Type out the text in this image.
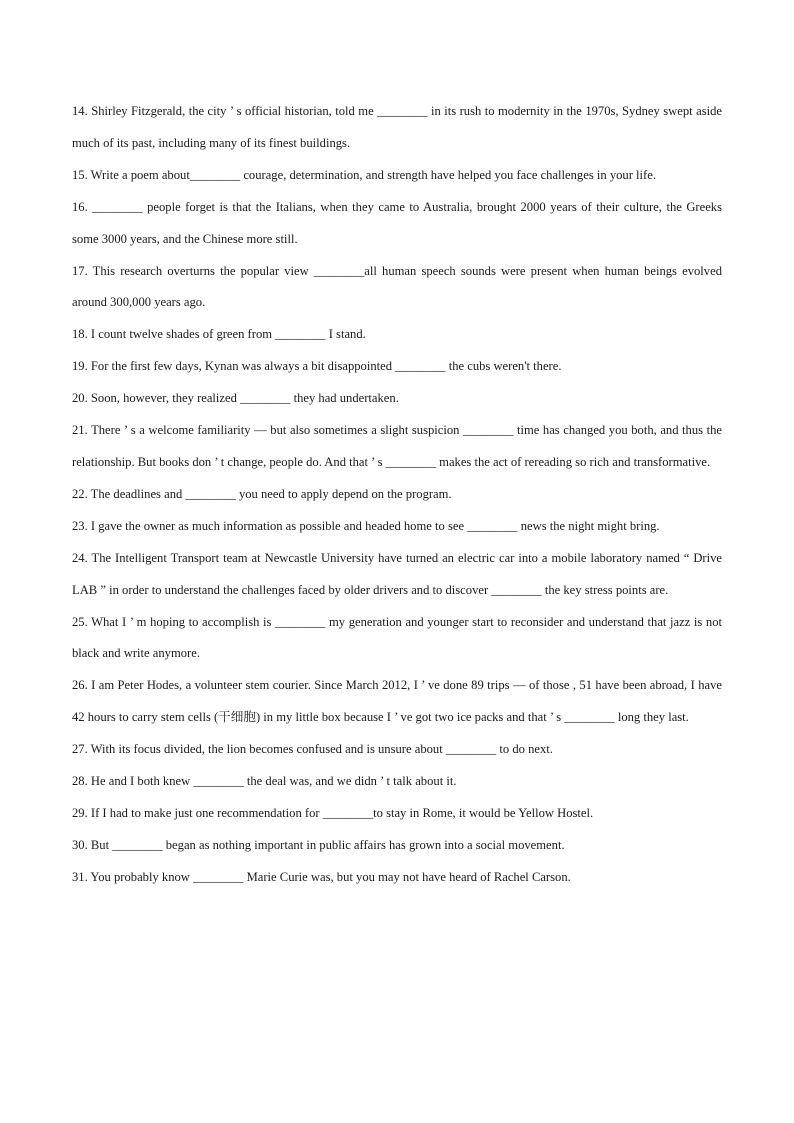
14. Shirley Fitzgerald, the city ’ s official historian, told me ________ in its rush to modernity in the 1970s, Sydney swept aside much of its past, including many of its finest buildings.

15. Write a poem about________ courage, determination, and strength have helped you face challenges in your life.

16. ________ people forget is that the Italians, when they came to Australia, brought 2000 years of their culture, the Greeks some 3000 years, and the Chinese more still.

17. This research overturns the popular view ________all human speech sounds were present when human beings evolved around 300,000 years ago.

18. I count twelve shades of green from ________ I stand.

19. For the first few days, Kynan was always a bit disappointed ________ the cubs weren't there.

20. Soon, however, they realized ________ they had undertaken.

21. There ’ s a welcome familiarity — but also sometimes a slight suspicion ________ time has changed you both, and thus the relationship. But books don ’ t change, people do. And that ’ s ________ makes the act of rereading so rich and transformative.

22. The deadlines and ________ you need to apply depend on the program.

23. I gave the owner as much information as possible and headed home to see ________ news the night might bring.

24. The Intelligent Transport team at Newcastle University have turned an electric car into a mobile laboratory named “ Drive LAB ” in order to understand the challenges faced by older drivers and to discover ________ the key stress points are.

25. What I ’ m hoping to accomplish is ________ my generation and younger start to reconsider and understand that jazz is not black and write anymore.

26. I am Peter Hodes, a volunteer stem courier. Since March 2012, I ’ ve done 89 trips — of those , 51 have been abroad, I have 42 hours to carry stem cells (干细胞) in my little box because I ’ ve got two ice packs and that ’ s ________ long they last.

27. With its focus divided, the lion becomes confused and is unsure about ________ to do next.

28. He and I both knew ________ the deal was, and we didn ’ t talk about it.

29. If I had to make just one recommendation for ________to stay in Rome, it would be Yellow Hostel.

30. But ________ began as nothing important in public affairs has grown into a social movement.

31. You probably know ________ Marie Curie was, but you may not have heard of Rachel Carson.
